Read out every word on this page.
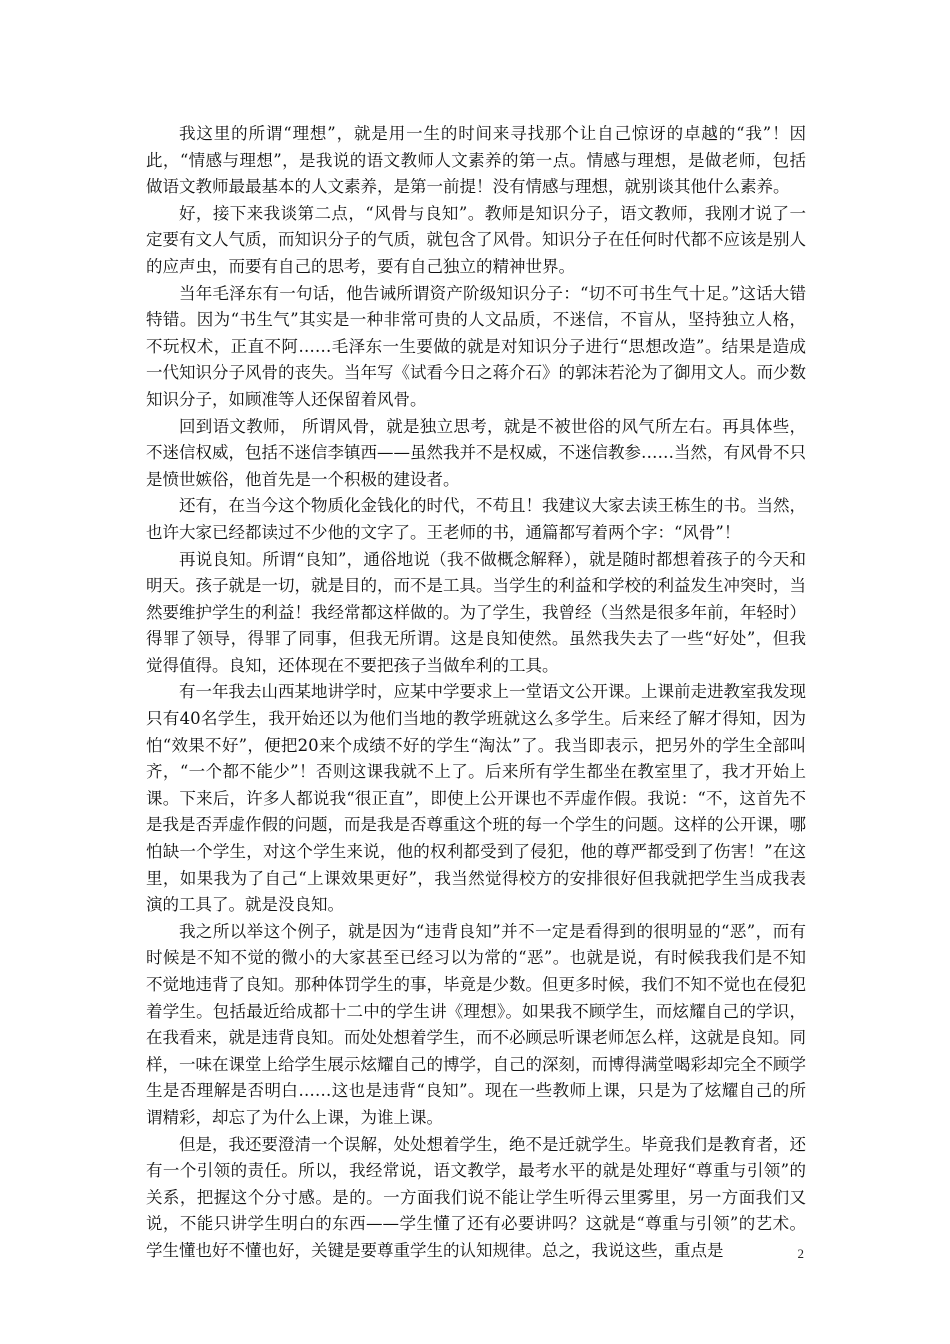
我这里的所谓“理想”，就是用一生的时间来寻找那个让自己惊讶的卓越的“我”！因此，“情感与理想”，是我说的语文教师人文素养的第一点。情感与理想，是做老师，包括做语文教师最最基本的人文素养，是第一前提！没有情感与理想，就别谈其他什么素养。

好，接下来我谈第二点，“风骨与良知”。教师是知识分子，语文教师，我刚才说了一定要有文人气质，而知识分子的气质，就包含了风骨。知识分子在任何时代都不应该是别人的应声虫，而要有自己的思考，要有自己独立的精神世界。

当年毛泽东有一句话，他告诫所谓资产阶级知识分子：“切不可书生气十足。”这话大错特错。因为“书生气”其实是一种非常可贵的人文品质，不迷信，不盲从，坚持独立人格，不玩权术，正直不阿……毛泽东一生要做的就是对知识分子进行“思想改造”。结果是造成一代知识分子风骨的丧失。当年写《试看今日之蒋介石》的郭沫若沦为了御用文人。而少数知识分子，如顾准等人还保留着风骨。

回到语文教师， 所谓风骨，就是独立思考，就是不被世俗的风气所左右。再具体些，不迷信权威，包括不迷信李镇西——虽然我并不是权威，不迷信教参……当然，有风骨不只是愤世嫉俗，他首先是一个积极的建设者。

还有，在当今这个物质化金钱化的时代，不苟且！我建议大家去读王栋生的书。当然，也许大家已经都读过不少他的文字了。王老师的书，通篇都写着两个字：“风骨”！

再说良知。所谓“良知”，通俗地说（我不做概念解释），就是随时都想着孩子的今天和明天。孩子就是一切，就是目的，而不是工具。当学生的利益和学校的利益发生冲突时，当然要维护学生的利益！我经常都这样做的。为了学生，我曾经（当然是很多年前，年轻时）得罪了领导，得罪了同事，但我无所谓。这是良知使然。虽然我失去了一些“好处”，但我觉得值得。良知，还体现在不要把孩子当做牟利的工具。

有一年我去山西某地讲学时，应某中学要求上一堂语文公开课。上课前走进教室我发现只有40名学生，我开始还以为他们当地的教学班就这么多学生。后来经了解才得知，因为怕“效果不好”，便把20来个成绩不好的学生“淘汰”了。我当即表示，把另外的学生全部叫齐，“一个都不能少”！否则这课我就不上了。后来所有学生都坐在教室里了，我才开始上课。下来后，许多人都说我“很正直”，即使上公开课也不弄虚作假。我说：“不，这首先不是我是否弄虚作假的问题，而是我是否尊重这个班的每一个学生的问题。这样的公开课，哪怕缺一个学生，对这个学生来说，他的权利都受到了侵犯，他的尊严都受到了伤害！”在这里，如果我为了自己“上课效果更好”，我当然觉得校方的安排很好但我就把学生当成我表演的工具了。就是没良知。

我之所以举这个例子，就是因为“违背良知”并不一定是看得到的很明显的“恶”，而有时候是不知不觉的微小的大家甚至已经习以为常的“恶”。也就是说，有时候我我们是不知不觉地违背了良知。那种体罚学生的事，毕竟是少数。但更多时候，我们不知不觉也在侵犯着学生。包括最近给成都十二中的学生讲《理想》。如果我不顾学生，而炫耀自己的学识，在我看来，就是违背良知。而处处想着学生，而不必顾忌听课老师怎么样，这就是良知。同样，一味在课堂上给学生展示炫耀自己的博学，自己的深刻，而博得满堂喝彩却完全不顾学生是否理解是否明白……这也是违背“良知”。现在一些教师上课，只是为了炫耀自己的所谓精彩，却忘了为什么上课，为谁上课。

但是，我还要澄清一个误解，处处想着学生，绝不是迁就学生。毕竟我们是教育者，还有一个引领的责任。所以，我经常说，语文教学，最考水平的就是处理好“尊重与引领”的关系，把握这个分寸感。是的。一方面我们说不能让学生听得云里雾里，另一方面我们又说，不能只讲学生明白的东西——学生懂了还有必要讲吗？这就是“尊重与引领”的艺术。学生懂也好不懂也好，关键是要尊重学生的认知规律。总之，我说这些，重点是	2
